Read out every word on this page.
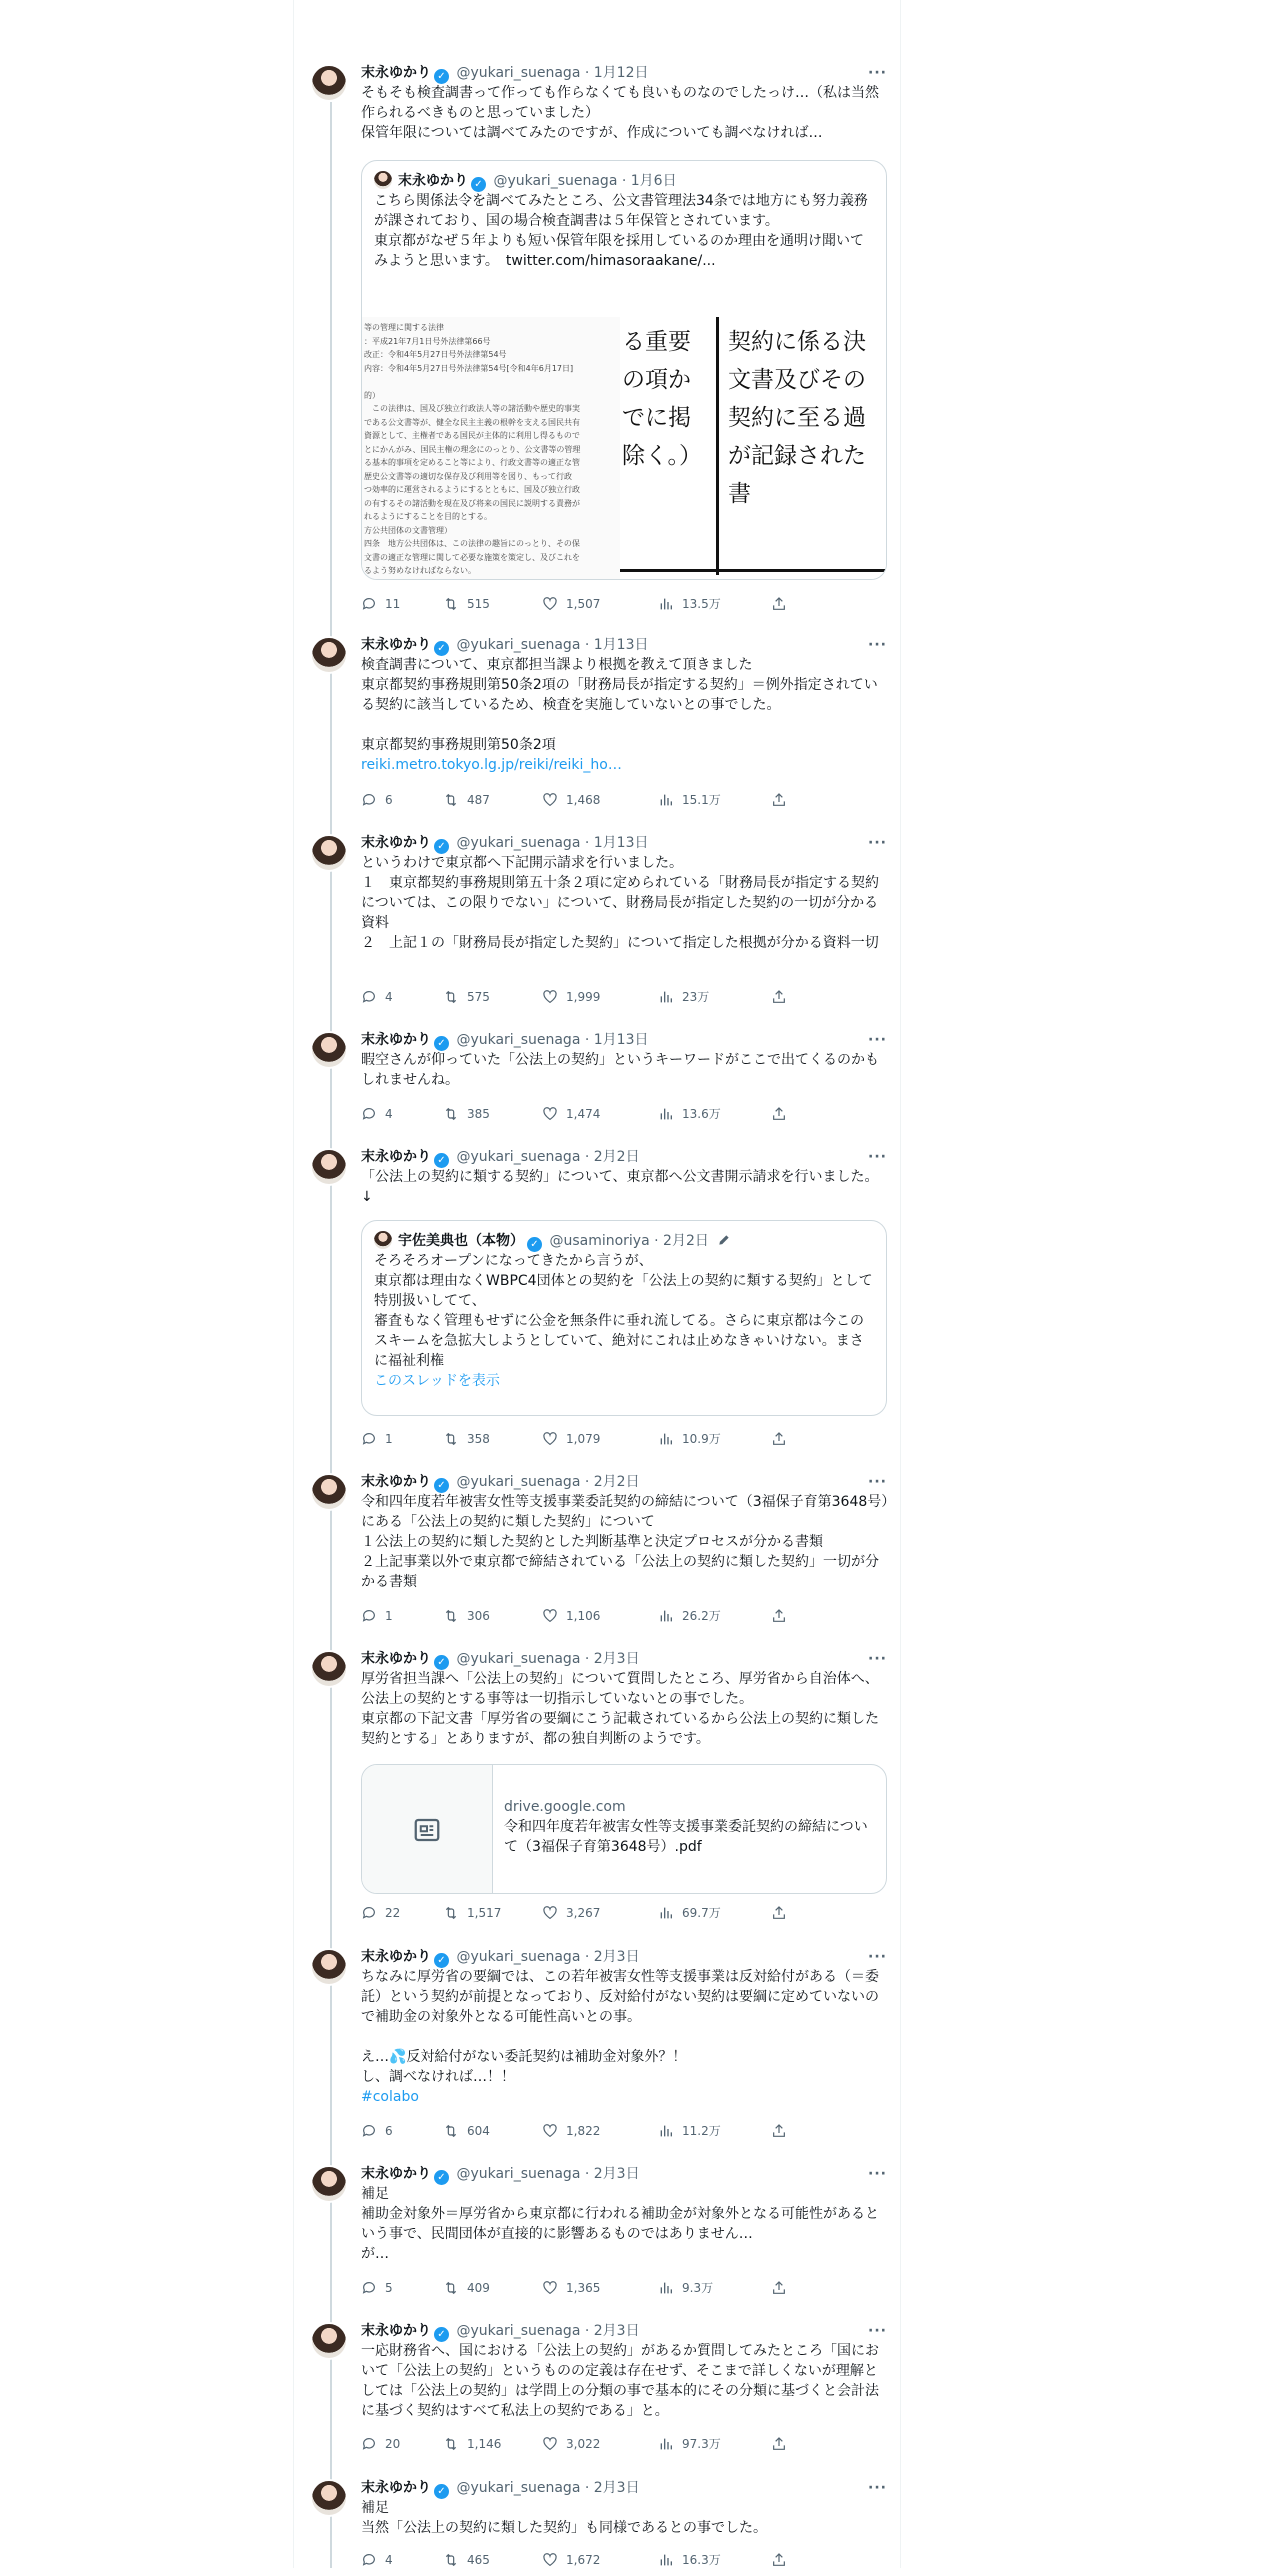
末永ゆかり ✓ @yukari_suenaga · 1月12日	···
そもそも検査調書って作っても作らなくても良いものなのでしたっけ…（私は当然作られるべきものと思っていました）
保管年限については調べてみたのですが、作成についても調べなければ…
末永ゆかり ✓ @yukari_suenaga · 1月6日
こちら関係法令を調べてみたところ、公文書管理法34条では地方にも努力義務が課されており、国の場合検査調書は５年保管とされています。
東京都がなぜ５年よりも短い保管年限を採用しているのか理由を通明け聞いてみようと思います。　twitter.com/himasoraakane/...
等の管理に関する法律
：平成21年7月1日号外法律第66号
改正：令和4年5月27日号外法律第54号
内容：令和4年5月27日号外法律第54号[令和4年6月17日]

的）
　この法律は、国及び独立行政法人等の諸活動や歴史的事実
である公文書等が、健全な民主主義の根幹を支える国民共有
資源として、主権者である国民が主体的に利用し得るもので
とにかんがみ、国民主権の理念にのっとり、公文書等の管理
る基本的事項を定めること等により、行政文書等の適正な管
歴史公文書等の適切な保存及び利用等を図り、もって行政
つ効率的に運営されるようにするとともに、国及び独立行政
の有するその諸活動を現在及び将来の国民に説明する責務が
れるようにすることを目的とする。
方公共団体の文書管理）
四条　地方公共団体は、この法律の趣旨にのっとり、その保
文書の適正な管理に関して必要な施策を策定し、及びこれを
るよう努めなければならない。
る重要
の項か
でに掲
除く。）
契約に係る決
文書及びその
契約に至る過
が記録された
書
11	515	1,507	13.5万
末永ゆかり ✓ @yukari_suenaga · 1月13日	···
検査調書について、東京都担当課より根拠を教えて頂きました
東京都契約事務規則第50条2項の「財務局長が指定する契約」＝例外指定されている契約に該当しているため、検査を実施していないとの事でした。

東京都契約事務規則第50条2項
reiki.metro.tokyo.lg.jp/reiki/reiki_ho…
6	487	1,468	15.1万
末永ゆかり ✓ @yukari_suenaga · 1月13日	···
というわけで東京都へ下記開示請求を行いました。
１　東京都契約事務規則第五十条２項に定められている「財務局長が指定する契約については、この限りでない」について、財務局長が指定した契約の一切が分かる資料
２　上記１の「財務局長が指定した契約」について指定した根拠が分かる資料一切
4	575	1,999	23万
末永ゆかり ✓ @yukari_suenaga · 1月13日	···
暇空さんが仰っていた「公法上の契約」というキーワードがここで出てくるのかもしれませんね。
4	385	1,474	13.6万
末永ゆかり ✓ @yukari_suenaga · 2月2日	···
「公法上の契約に類する契約」について、東京都へ公文書開示請求を行いました。↓
宇佐美典也（本物） ✓ @usaminoriya · 2月2日
そろそろオープンになってきたから言うが、
東京都は理由なくWBPC4団体との契約を「公法上の契約に類する契約」として特別扱いしてて、
審査もなく管理もせずに公金を無条件に垂れ流してる。さらに東京都は今このスキームを急拡大しようとしていて、絶対にこれは止めなきゃいけない。まさに福祉利権
このスレッドを表示
1	358	1,079	10.9万
末永ゆかり ✓ @yukari_suenaga · 2月2日	···
令和四年度若年被害女性等支援事業委託契約の締結について（3福保子育第3648号）にある「公法上の契約に類した契約」について
１公法上の契約に類した契約とした判断基準と決定プロセスが分かる書類
２上記事業以外で東京都で締結されている「公法上の契約に類した契約」一切が分かる書類
1	306	1,106	26.2万
末永ゆかり ✓ @yukari_suenaga · 2月3日	···
厚労省担当課へ「公法上の契約」について質問したところ、厚労省から自治体へ、公法上の契約とする事等は一切指示していないとの事でした。
東京都の下記文書「厚労省の要綱にこう記載されているから公法上の契約に類した契約とする」とありますが、都の独自判断のようです。
drive.google.com
令和四年度若年被害女性等支援事業委託契約の締結について（3福保子育第3648号）.pdf
22	1,517	3,267	69.7万
末永ゆかり ✓ @yukari_suenaga · 2月3日	···
ちなみに厚労省の要綱では、この若年被害女性等支援事業は反対給付がある（＝委託）という契約が前提となっており、反対給付がない契約は要綱に定めていないので補助金の対象外となる可能性高いとの事。

え…💦反対給付がない委託契約は補助金対象外？！
し、調べなければ…！！
#colabo
6	604	1,822	11.2万
末永ゆかり ✓ @yukari_suenaga · 2月3日	···
補足
補助金対象外＝厚労省から東京都に行われる補助金が対象外となる可能性があるという事で、民間団体が直接的に影響あるものではありません…
が…
5	409	1,365	9.3万
末永ゆかり ✓ @yukari_suenaga · 2月3日	···
一応財務省へ、国における「公法上の契約」があるか質問してみたところ「国において「公法上の契約」というものの定義は存在せず、そこまで詳しくないが理解としては「公法上の契約」は学問上の分類の事で基本的にその分類に基づくと会計法に基づく契約はすべて私法上の契約である」と。
20	1,146	3,022	97.3万
末永ゆかり ✓ @yukari_suenaga · 2月3日	···
補足
当然「公法上の契約に類した契約」も同様であるとの事でした。
4	465	1,672	16.3万
